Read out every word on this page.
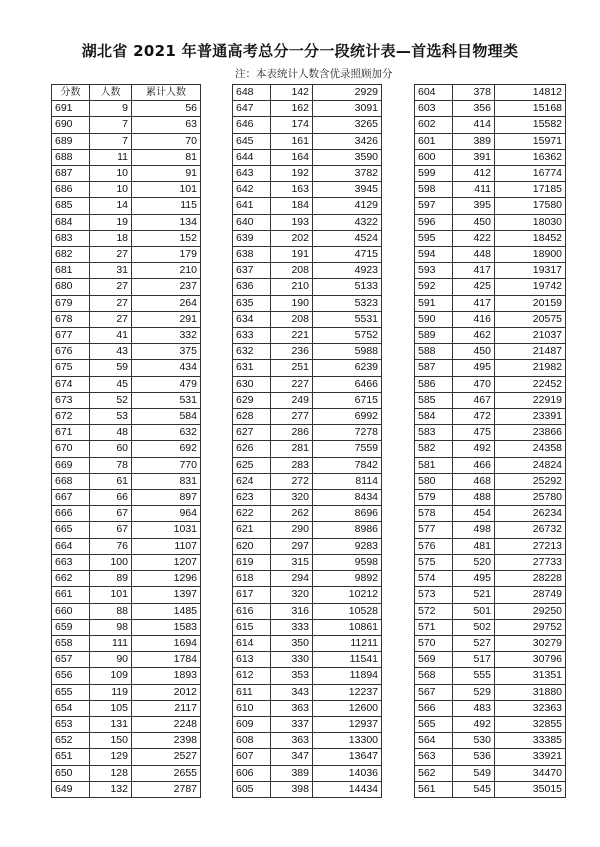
湖北省 2021 年普通高考总分一分一段统计表—首选科目物理类
注：本表统计人数含优录照顾加分
分数	人数	累计人数
691	9	56
690	7	63
689	7	70
688	11	81
687	10	91
686	10	101
685	14	115
684	19	134
683	18	152
682	27	179
681	31	210
680	27	237
679	27	264
678	27	291
677	41	332
676	43	375
675	59	434
674	45	479
673	52	531
672	53	584
671	48	632
670	60	692
669	78	770
668	61	831
667	66	897
666	67	964
665	67	1031
664	76	1107
663	100	1207
662	89	1296
661	101	1397
660	88	1485
659	98	1583
658	111	1694
657	90	1784
656	109	1893
655	119	2012
654	105	2117
653	131	2248
652	150	2398
651	129	2527
650	128	2655
649	132	2787
648	142	2929
647	162	3091
646	174	3265
645	161	3426
644	164	3590
643	192	3782
642	163	3945
641	184	4129
640	193	4322
639	202	4524
638	191	4715
637	208	4923
636	210	5133
635	190	5323
634	208	5531
633	221	5752
632	236	5988
631	251	6239
630	227	6466
629	249	6715
628	277	6992
627	286	7278
626	281	7559
625	283	7842
624	272	8114
623	320	8434
622	262	8696
621	290	8986
620	297	9283
619	315	9598
618	294	9892
617	320	10212
616	316	10528
615	333	10861
614	350	11211
613	330	11541
612	353	11894
611	343	12237
610	363	12600
609	337	12937
608	363	13300
607	347	13647
606	389	14036
605	398	14434
604	378	14812
603	356	15168
602	414	15582
601	389	15971
600	391	16362
599	412	16774
598	411	17185
597	395	17580
596	450	18030
595	422	18452
594	448	18900
593	417	19317
592	425	19742
591	417	20159
590	416	20575
589	462	21037
588	450	21487
587	495	21982
586	470	22452
585	467	22919
584	472	23391
583	475	23866
582	492	24358
581	466	24824
580	468	25292
579	488	25780
578	454	26234
577	498	26732
576	481	27213
575	520	27733
574	495	28228
573	521	28749
572	501	29250
571	502	29752
570	527	30279
569	517	30796
568	555	31351
567	529	31880
566	483	32363
565	492	32855
564	530	33385
563	536	33921
562	549	34470
561	545	35015
